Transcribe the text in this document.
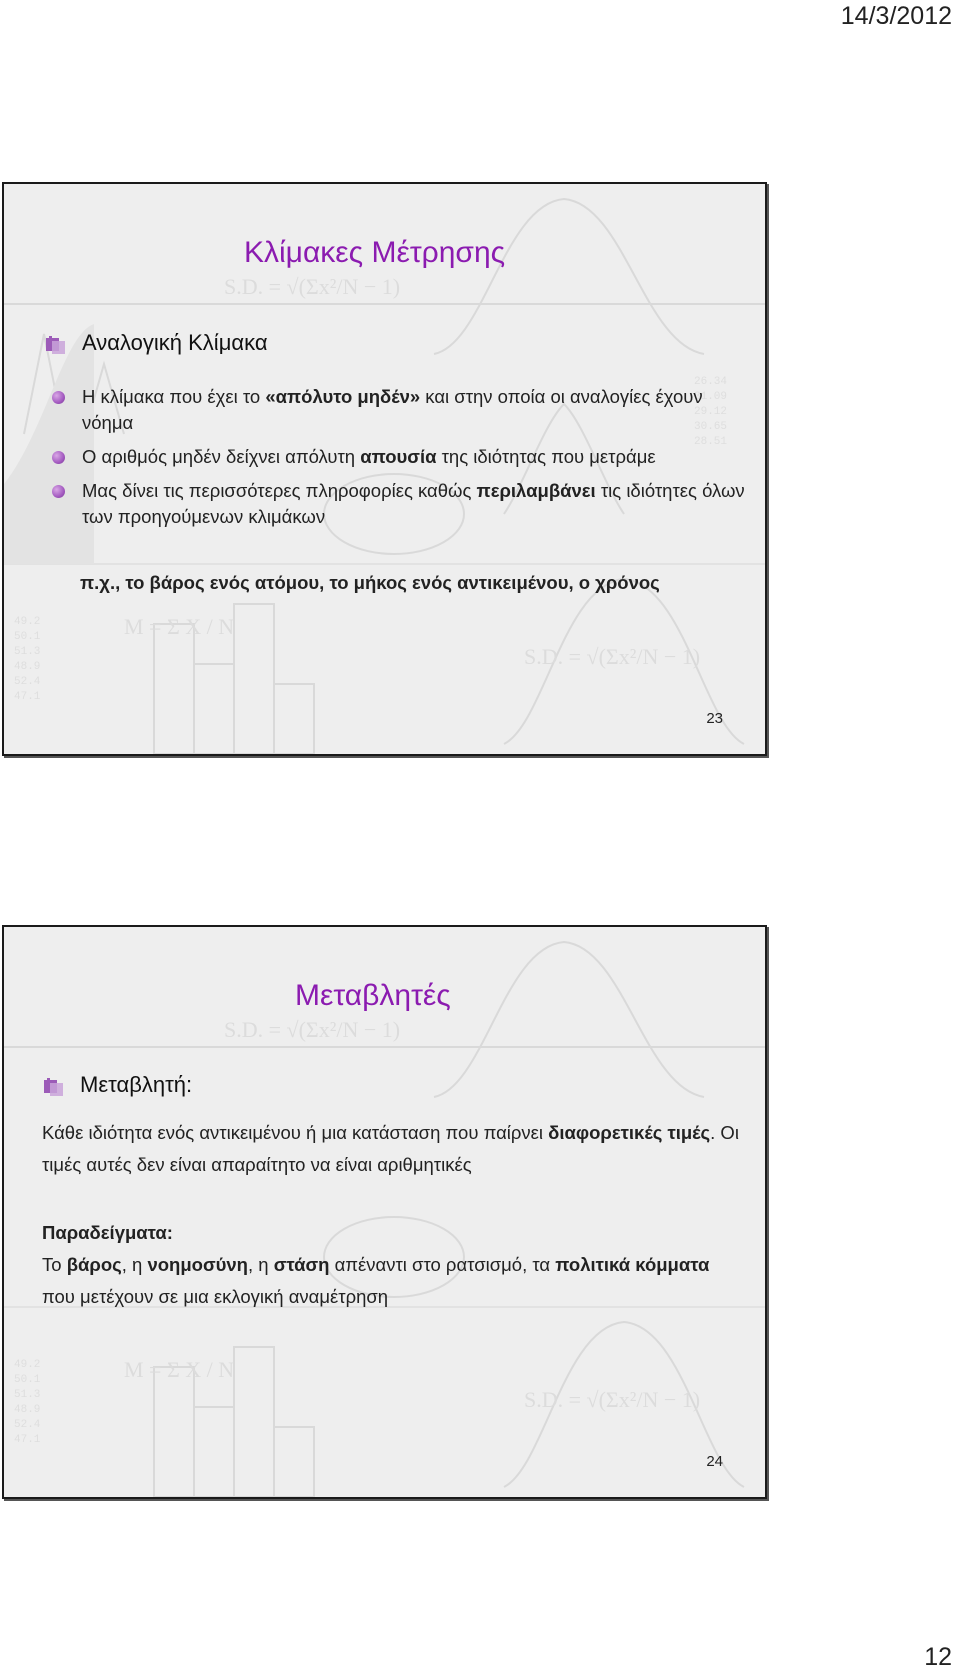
14/3/2012
S.D. = √(Σx²/N − 1)
M = Σ X / N
S.D. = √(Σx²/N − 1)
49.2
50.1
51.3
48.9
52.4
47.1
26.34
31.09
29.12
30.65
28.51
Κλίμακες Μέτρησης
Αναλογική Κλίμακα
Η κλίμακα που έχει το «απόλυτο μηδέν» και στην οποία οι αναλογίες έχουν νόημα
Ο αριθμός μηδέν δείχνει απόλυτη απουσία της ιδιότητας που μετράμε
Μας δίνει τις περισσότερες πληροφορίες καθώς περιλαμβάνει τις ιδιότητες όλων των προηγούμενων κλιμάκων
π.χ., το βάρος ενός ατόμου, το μήκος ενός αντικειμένου, ο χρόνος
23
S.D. = √(Σx²/N − 1)
M = Σ X / N
S.D. = √(Σx²/N − 1)
49.2
50.1
51.3
48.9
52.4
47.1
Μεταβλητές
Μεταβλητή:
Κάθε ιδιότητα ενός αντικειμένου ή μια κατάσταση που παίρνει διαφορετικές τιμές. Οι τιμές αυτές δεν είναι απαραίτητο να είναι αριθμητικές
Παραδείγματα:
Το βάρος, η νοημοσύνη, η στάση απέναντι στο ρατσισμό, τα πολιτικά κόμματα που μετέχουν σε μια εκλογική αναμέτρηση
24
12
